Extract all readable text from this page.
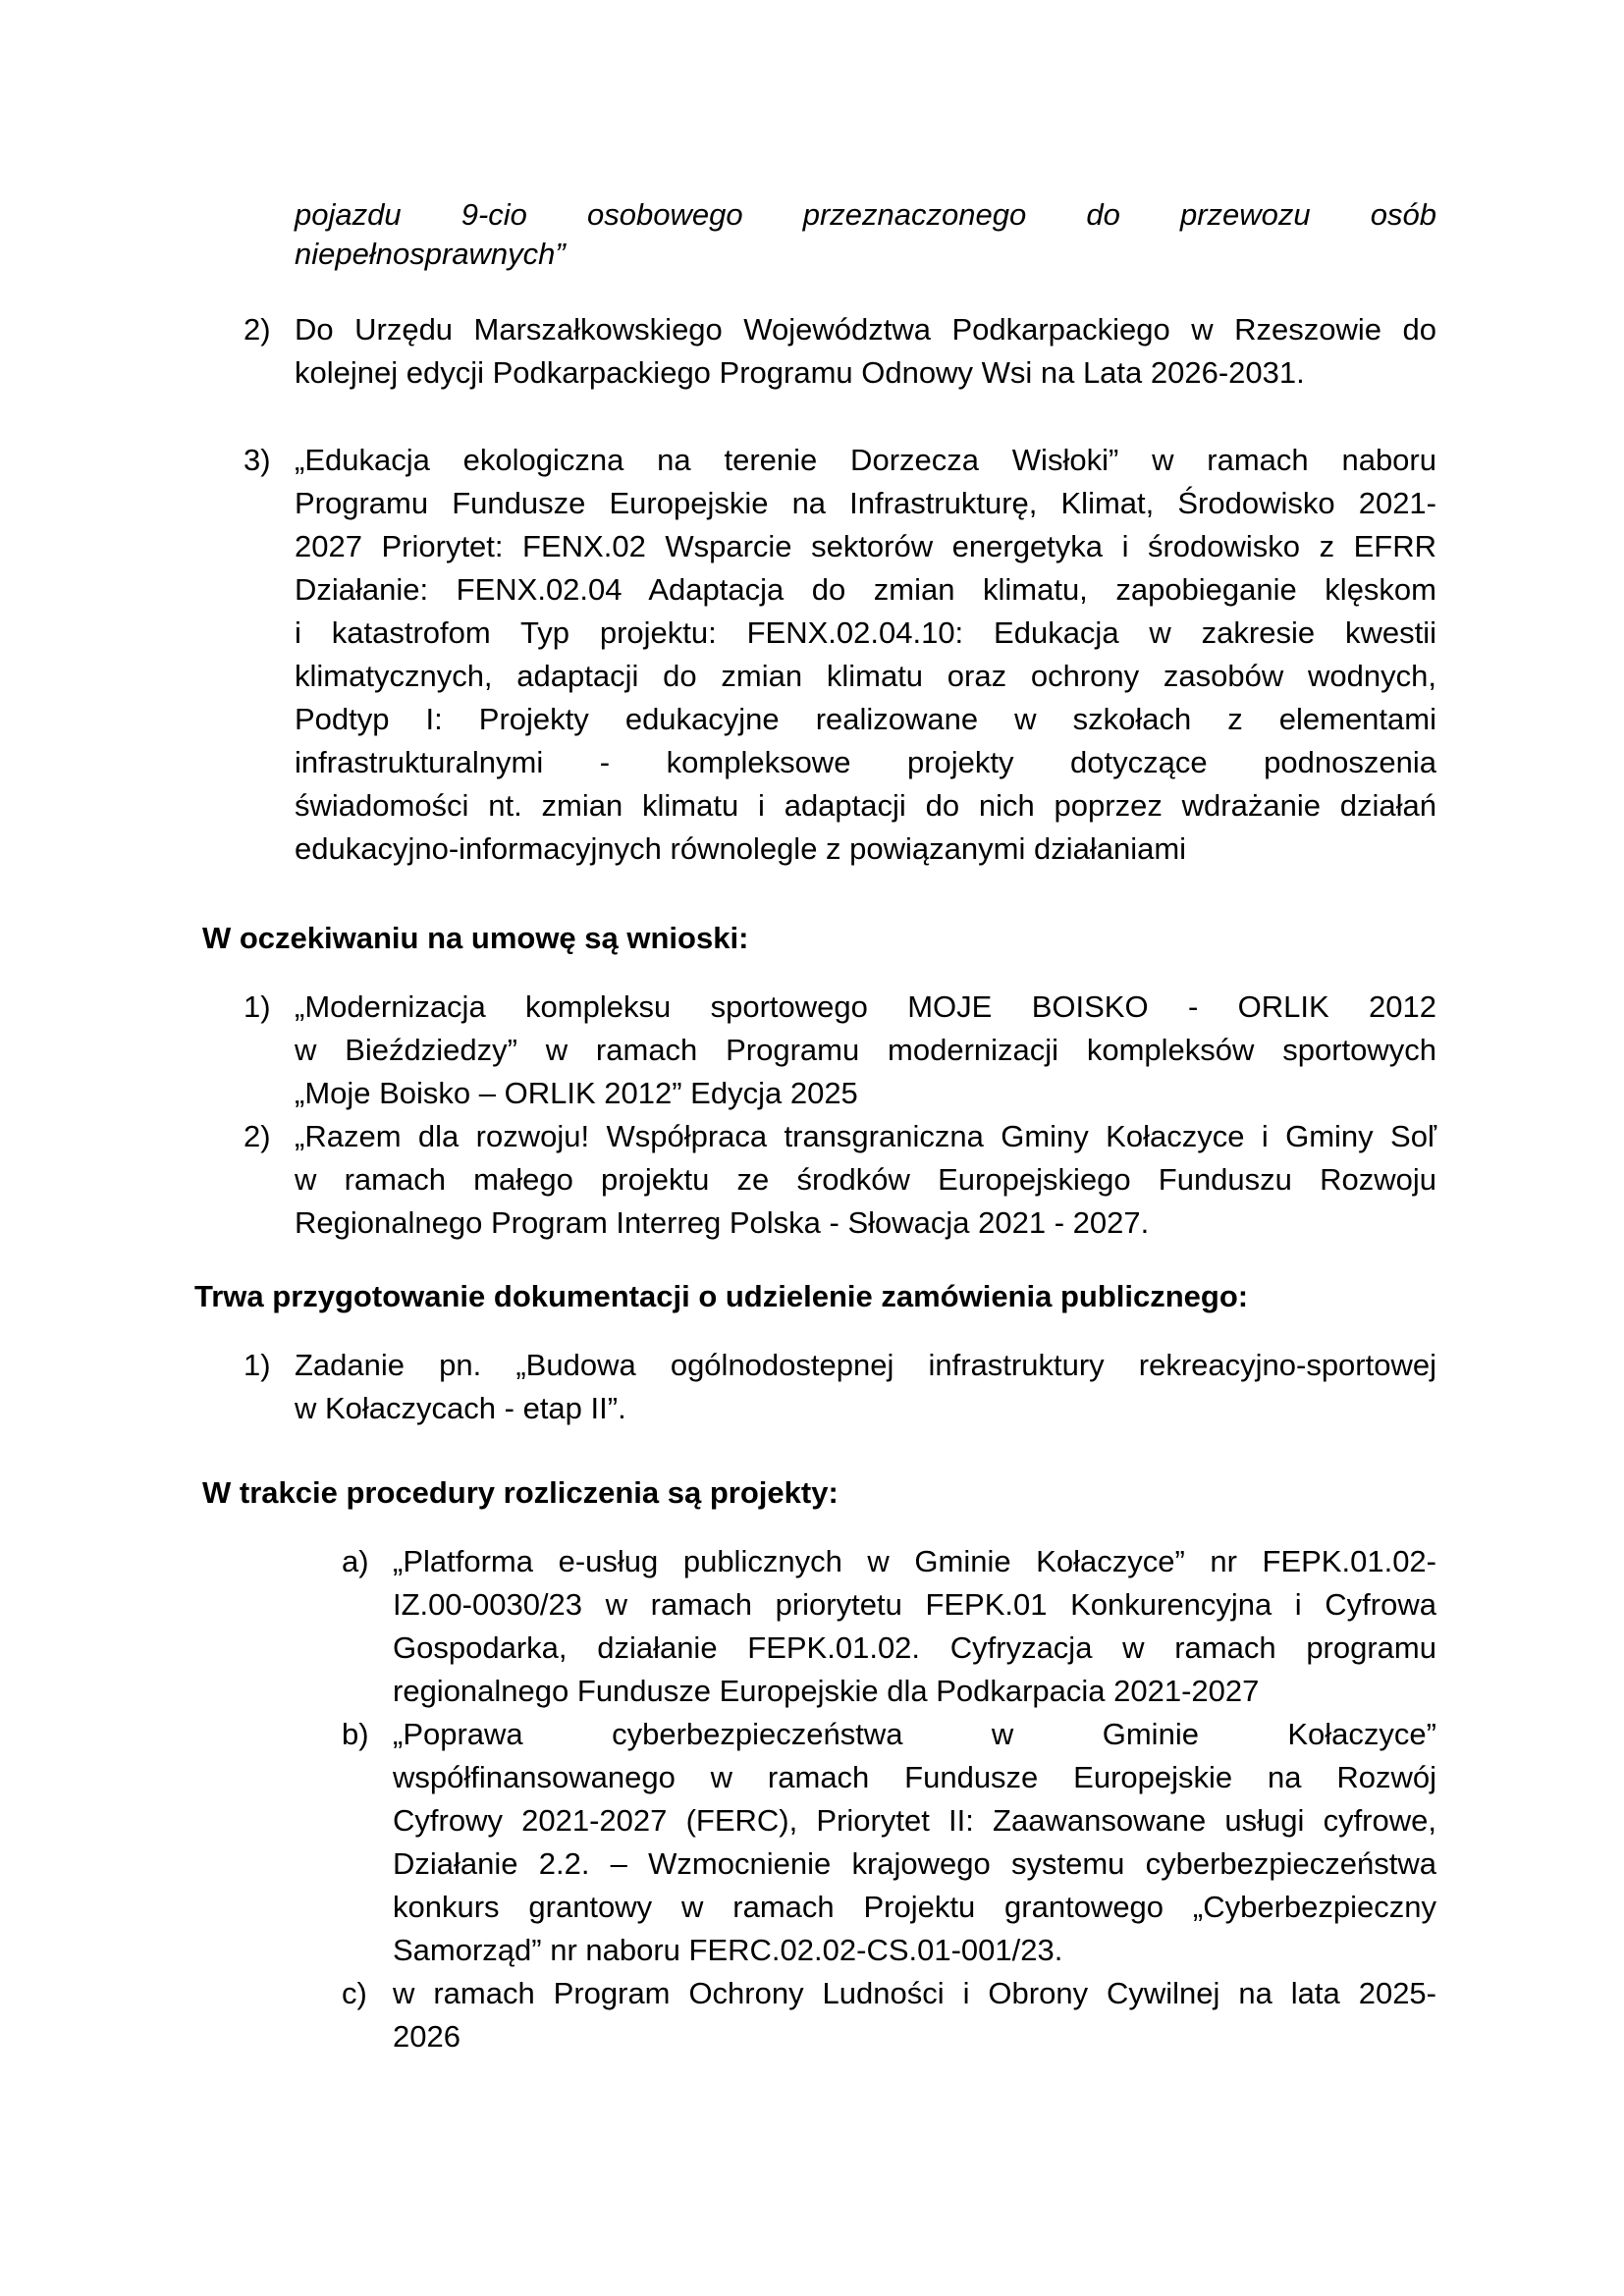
pojazdu 9-cio osobowego przeznaczonego do przewozu osób
niepełnosprawnych”
2) Do Urzędu Marszałkowskiego Województwa Podkarpackiego w Rzeszowie do
kolejnej edycji Podkarpackiego Programu Odnowy Wsi na Lata 2026-2031.
3) „Edukacja ekologiczna na terenie Dorzecza Wisłoki” w ramach naboru
Programu Fundusze Europejskie na Infrastrukturę, Klimat, Środowisko 2021-
2027 Priorytet: FENX.02 Wsparcie sektorów energetyka i środowisko z EFRR
Działanie: FENX.02.04 Adaptacja do zmian klimatu, zapobieganie klęskom
i katastrofom Typ projektu: FENX.02.04.10: Edukacja w zakresie kwestii
klimatycznych, adaptacji do zmian klimatu oraz ochrony zasobów wodnych,
Podtyp I: Projekty edukacyjne realizowane w szkołach z elementami
infrastrukturalnymi - kompleksowe projekty dotyczące podnoszenia
świadomości nt. zmian klimatu i adaptacji do nich poprzez wdrażanie działań
edukacyjno-informacyjnych równolegle z powiązanymi działaniami
W oczekiwaniu na umowę są wnioski:
1) „Modernizacja kompleksu sportowego MOJE BOISKO - ORLIK 2012
w Bieździedzy” w ramach Programu modernizacji kompleksów sportowych
„Moje Boisko – ORLIK 2012” Edycja 2025
2) „Razem dla rozwoju! Współpraca transgraniczna Gminy Kołaczyce i Gminy Soľ
w ramach małego projektu ze środków Europejskiego Funduszu Rozwoju
Regionalnego Program Interreg Polska - Słowacja 2021 - 2027.
Trwa przygotowanie dokumentacji o udzielenie zamówienia publicznego:
1) Zadanie pn. „Budowa ogólnodostepnej infrastruktury rekreacyjno-sportowej
w Kołaczycach - etap II”.
W trakcie procedury rozliczenia są projekty:
a) „Platforma e-usług publicznych w Gminie Kołaczyce” nr FEPK.01.02-
IZ.00-0030/23 w ramach priorytetu FEPK.01 Konkurencyjna i Cyfrowa
Gospodarka, działanie FEPK.01.02. Cyfryzacja w ramach programu
regionalnego Fundusze Europejskie dla Podkarpacia 2021-2027
b) „Poprawa cyberbezpieczeństwa w Gminie Kołaczyce”
współfinansowanego w ramach Fundusze Europejskie na Rozwój
Cyfrowy 2021-2027 (FERC), Priorytet II: Zaawansowane usługi cyfrowe,
Działanie 2.2. – Wzmocnienie krajowego systemu cyberbezpieczeństwa
konkurs grantowy w ramach Projektu grantowego „Cyberbezpieczny
Samorząd” nr naboru FERC.02.02-CS.01-001/23.
c) w ramach Program Ochrony Ludności i Obrony Cywilnej na lata 2025-
2026
